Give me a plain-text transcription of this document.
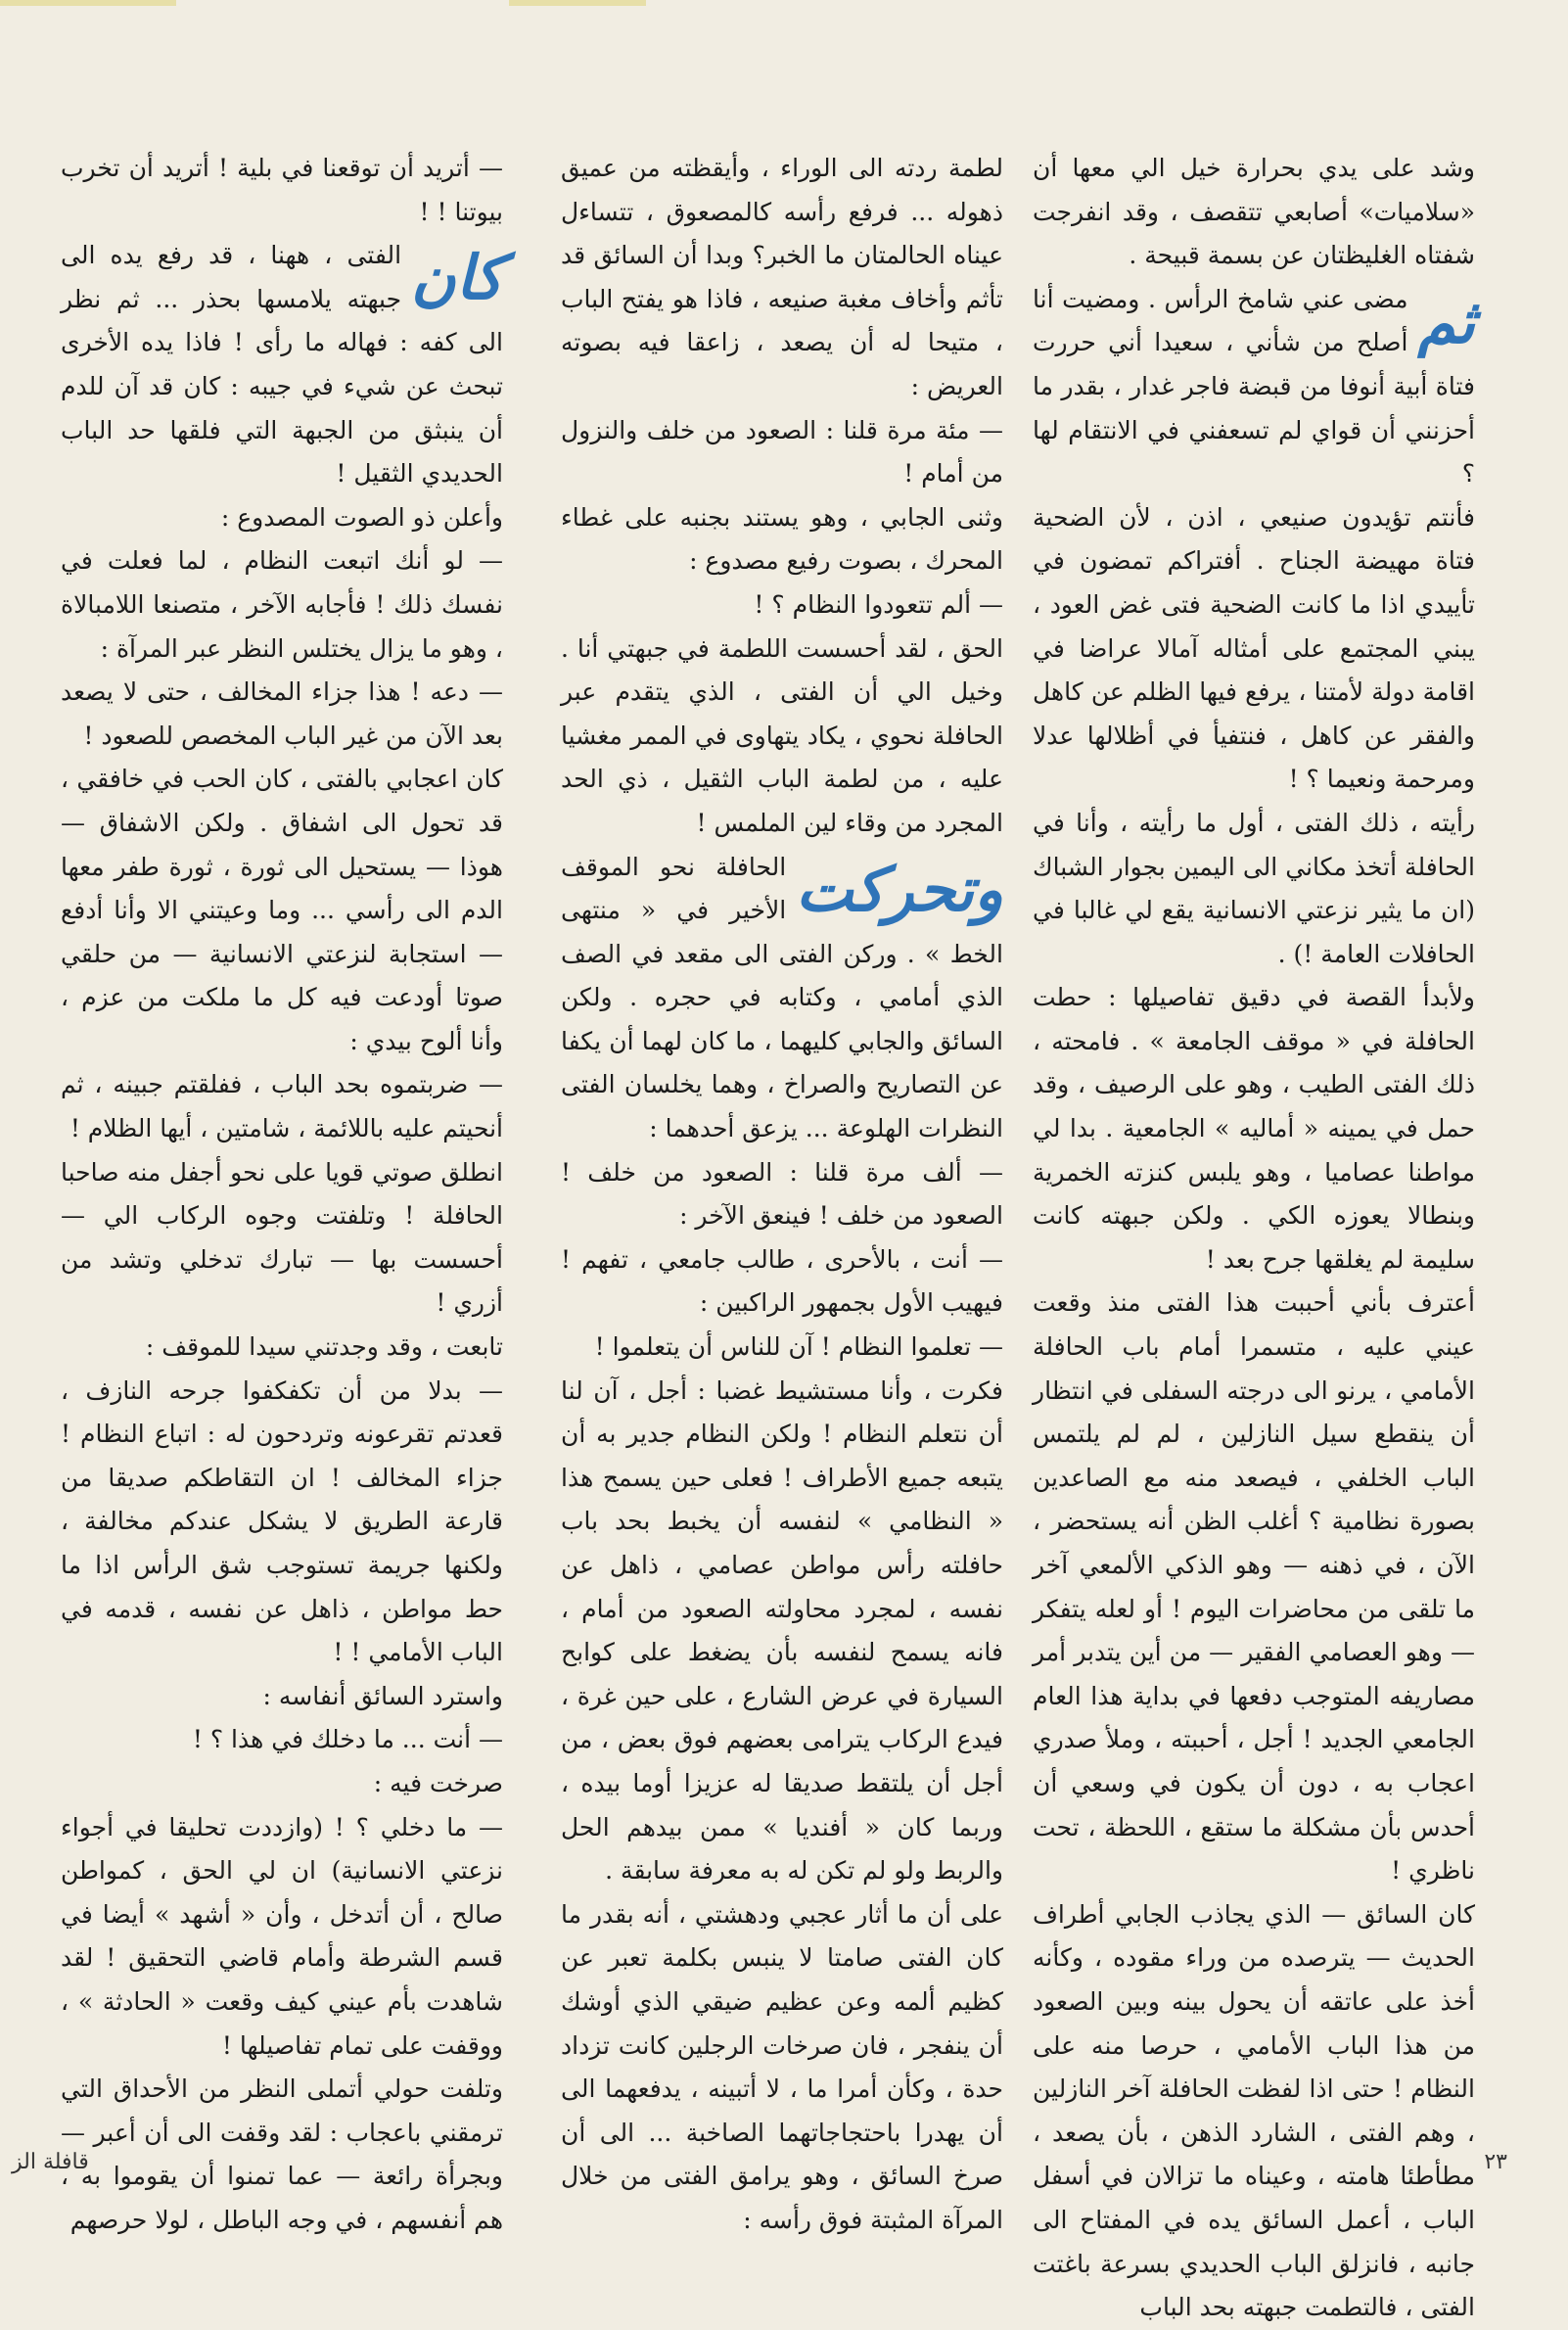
وشد على يدي بحرارة خيل الي معها أن «سلاميات» أصابعي تتقصف ، وقد انفرجت شفتاه الغليظتان عن بسمة قبيحة .

ثم
مضى عني شامخ الرأس . ومضيت أنا أصلح من شأني ، سعيدا أني حررت فتاة أبية أنوفا من قبضة فاجر غدار ، بقدر ما أحزنني أن قواي لم تسعفني في الانتقام لها ؟

فأنتم تؤيدون صنيعي ، اذن ، لأن الضحية فتاة مهيضة الجناح . أفتراكم تمضون في تأييدي اذا ما كانت الضحية فتى غض العود ، يبني المجتمع على أمثاله آمالا عراضا في اقامة دولة لأمتنا ، يرفع فيها الظلم عن كاهل والفقر عن كاهل ، فنتفيأ في أظلالها عدلا ومرحمة ونعيما ؟ !

رأيته ، ذلك الفتى ، أول ما رأيته ، وأنا في الحافلة أتخذ مكاني الى اليمين بجوار الشباك (ان ما يثير نزعتي الانسانية يقع لي غالبا في الحافلات العامة !) .

ولأبدأ القصة في دقيق تفاصيلها : حطت الحافلة في « موقف الجامعة » . فامحته ، ذلك الفتى الطيب ، وهو على الرصيف ، وقد حمل في يمينه « أماليه » الجامعية . بدا لي مواطنا عصاميا ، وهو يلبس كنزته الخمرية وبنطالا يعوزه الكي . ولكن جبهته كانت سليمة لم يغلقها جرح بعد !

أعترف بأني أحببت هذا الفتى منذ وقعت عيني عليه ، متسمرا أمام باب الحافلة الأمامي ، يرنو الى درجته السفلى في انتظار أن ينقطع سيل النازلين ، لم لم يلتمس الباب الخلفي ، فيصعد منه مع الصاعدين بصورة نظامية ؟ أغلب الظن أنه يستحضر ، الآن ، في ذهنه — وهو الذكي الألمعي آخر ما تلقى من محاضرات اليوم ! أو لعله يتفكر — وهو العصامي الفقير — من أين يتدبر أمر مصاريفه المتوجب دفعها في بداية هذا العام الجامعي الجديد ! أجل ، أحببته ، وملأ صدري اعجاب به ، دون أن يكون في وسعي أن أحدس بأن مشكلة ما ستقع ، اللحظة ، تحت ناظري !

كان السائق — الذي يجاذب الجابي أطراف الحديث — يترصده من وراء مقوده ، وكأنه أخذ على عاتقه أن يحول بينه وبين الصعود من هذا الباب الأمامي ، حرصا منه على النظام ! حتى اذا لفظت الحافلة آخر النازلين ، وهم الفتى ، الشارد الذهن ، بأن يصعد ، مطأطئا هامته ، وعيناه ما تزالان في أسفل الباب ، أعمل السائق يده في المفتاح الى جانبه ، فانزلق الباب الحديدي بسرعة باغتت الفتى ، فالتطمت جبهته بحد الباب

لطمة ردته الى الوراء ، وأيقظته من عميق ذهوله ... فرفع رأسه كالمصعوق ، تتساءل عيناه الحالمتان ما الخبر؟ وبدا أن السائق قد تأثم وأخاف مغبة صنيعه ، فاذا هو يفتح الباب ، متيحا له أن يصعد ، زاعقا فيه بصوته العريض :

— مئة مرة قلنا : الصعود من خلف والنزول من أمام !

وثنى الجابي ، وهو يستند بجنبه على غطاء المحرك ، بصوت رفيع مصدوع :

— ألم تتعودوا النظام ؟ !

الحق ، لقد أحسست اللطمة في جبهتي أنا . وخيل الي أن الفتى ، الذي يتقدم عبر الحافلة نحوي ، يكاد يتهاوى في الممر مغشيا عليه ، من لطمة الباب الثقيل ، ذي الحد المجرد من وقاء لين الملمس !

وتحركت
الحافلة نحو الموقف الأخير في « منتهى الخط » . وركن الفتى الى مقعد في الصف الذي أمامي ، وكتابه في حجره . ولكن السائق والجابي كليهما ، ما كان لهما أن يكفا عن التصاريح والصراخ ، وهما يخلسان الفتى النظرات الهلوعة ... يزعق أحدهما :

— ألف مرة قلنا : الصعود من خلف ! الصعود من خلف ! فينعق الآخر :

— أنت ، بالأحرى ، طالب جامعي ، تفهم ! فيهيب الأول بجمهور الراكبين :

— تعلموا النظام ! آن للناس أن يتعلموا !

فكرت ، وأنا مستشيط غضبا : أجل ، آن لنا أن نتعلم النظام ! ولكن النظام جدير به أن يتبعه جميع الأطراف ! فعلى حين يسمح هذا « النظامي » لنفسه أن يخبط بحد باب حافلته رأس مواطن عصامي ، ذاهل عن نفسه ، لمجرد محاولته الصعود من أمام ، فانه يسمح لنفسه بأن يضغط على كوابح السيارة في عرض الشارع ، على حين غرة ، فيدع الركاب يترامى بعضهم فوق بعض ، من أجل أن يلتقط صديقا له عزيزا أوما بيده ، وربما كان « أفنديا » ممن بيدهم الحل والربط ولو لم تكن له به معرفة سابقة .

على أن ما أثار عجبي ودهشتي ، أنه بقدر ما كان الفتى صامتا لا ينبس بكلمة تعبر عن كظيم ألمه وعن عظيم ضيقي الذي أوشك أن ينفجر ، فان صرخات الرجلين كانت تزداد حدة ، وكأن أمرا ما ، لا أتبينه ، يدفعهما الى أن يهدرا باحتجاجاتهما الصاخبة ... الى أن صرخ السائق ، وهو يرامق الفتى من خلال المرآة المثبتة فوق رأسه :

— أتريد أن توقعنا في بلية ! أتريد أن تخرب بيوتنا ! !

كان
الفتى ، ههنا ، قد رفع يده الى جبهته يلامسها بحذر ... ثم نظر الى كفه : فهاله ما رأى ! فاذا يده الأخرى تبحث عن شيء في جيبه : كان قد آن للدم أن ينبثق من الجبهة التي فلقها حد الباب الحديدي الثقيل !

وأعلن ذو الصوت المصدوع :

— لو أنك اتبعت النظام ، لما فعلت في نفسك ذلك ! فأجابه الآخر ، متصنعا اللامبالاة ، وهو ما يزال يختلس النظر عبر المرآة :

— دعه ! هذا جزاء المخالف ، حتى لا يصعد بعد الآن من غير الباب المخصص للصعود !

كان اعجابي بالفتى ، كان الحب في خافقي ، قد تحول الى اشفاق . ولكن الاشفاق — هوذا — يستحيل الى ثورة ، ثورة طفر معها الدم الى رأسي ... وما وعيتني الا وأنا أدفع — استجابة لنزعتي الانسانية — من حلقي صوتا أودعت فيه كل ما ملكت من عزم ، وأنا ألوح بيدي :

— ضربتموه بحد الباب ، ففلقتم جبينه ، ثم أنحيتم عليه باللائمة ، شامتين ، أيها الظلام !

انطلق صوتي قويا على نحو أجفل منه صاحبا الحافلة ! وتلفتت وجوه الركاب الي — أحسست بها — تبارك تدخلي وتشد من أزري !

تابعت ، وقد وجدتني سيدا للموقف :

— بدلا من أن تكفكفوا جرحه النازف ، قعدتم تقرعونه وتردحون له : اتباع النظام ! جزاء المخالف ! ان التقاطكم صديقا من قارعة الطريق لا يشكل عندكم مخالفة ، ولكنها جريمة تستوجب شق الرأس اذا ما حط مواطن ، ذاهل عن نفسه ، قدمه في الباب الأمامي ! !

واسترد السائق أنفاسه :

— أنت ... ما دخلك في هذا ؟ !

صرخت فيه :

— ما دخلي ؟ ! (وازددت تحليقا في أجواء نزعتي الانسانية) ان لي الحق ، كمواطن صالح ، أن أتدخل ، وأن « أشهد » أيضا في قسم الشرطة وأمام قاضي التحقيق ! لقد شاهدت بأم عيني كيف وقعت « الحادثة » ، ووقفت على تمام تفاصيلها !

وتلفت حولي أتملى النظر من الأحداق التي ترمقني باعجاب : لقد وقفت الى أن أعبر — وبجرأة رائعة — عما تمنوا أن يقوموا به ، هم أنفسهم ، في وجه الباطل ، لولا حرصهم

٢٣
قافلة الز
